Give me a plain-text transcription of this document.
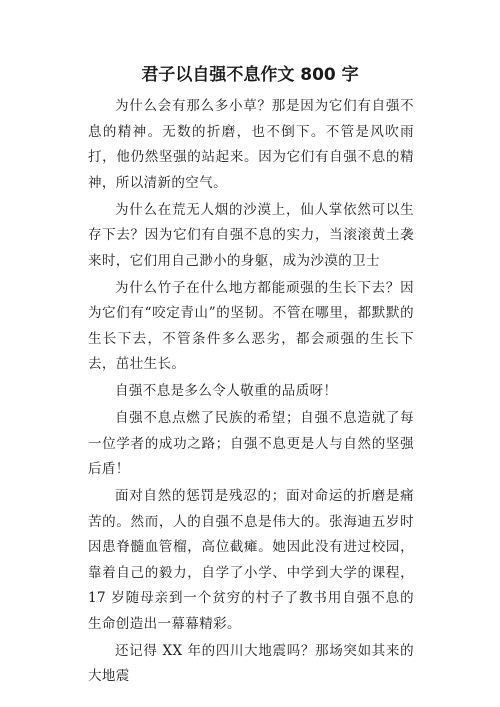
君子以自强不息作文 800 字

为什么会有那么多小草？那是因为它们有自强不息的精神。无数的折磨，也不倒下。不管是风吹雨打，他仍然坚强的站起来。因为它们有自强不息的精神，所以清新的空气。

为什么在荒无人烟的沙漠上，仙人掌依然可以生存下去？因为它们有自强不息的实力，当滚滚黄土袭来时，它们用自己渺小的身躯，成为沙漠的卫士

为什么竹子在什么地方都能顽强的生长下去？因为它们有“咬定青山”的坚韧。不管在哪里，都默默的生长下去，不管条件多么恶劣，都会顽强的生长下去，茁壮生长。

自强不息是多么令人敬重的品质呀！

自强不息点燃了民族的希望；自强不息造就了每一位学者的成功之路；自强不息更是人与自然的坚强后盾！

面对自然的惩罚是残忍的；面对命运的折磨是痛苦的。然而，人的自强不息是伟大的。张海迪五岁时因患脊髓血管榴，高位截瘫。她因此没有进过校园，靠着自己的毅力，自学了小学、中学到大学的课程，17 岁随母亲到一个贫穷的村子了教书用自强不息的生命创造出一幕幕精彩。

还记得 XX 年的四川大地震吗？那场突如其来的大地震
